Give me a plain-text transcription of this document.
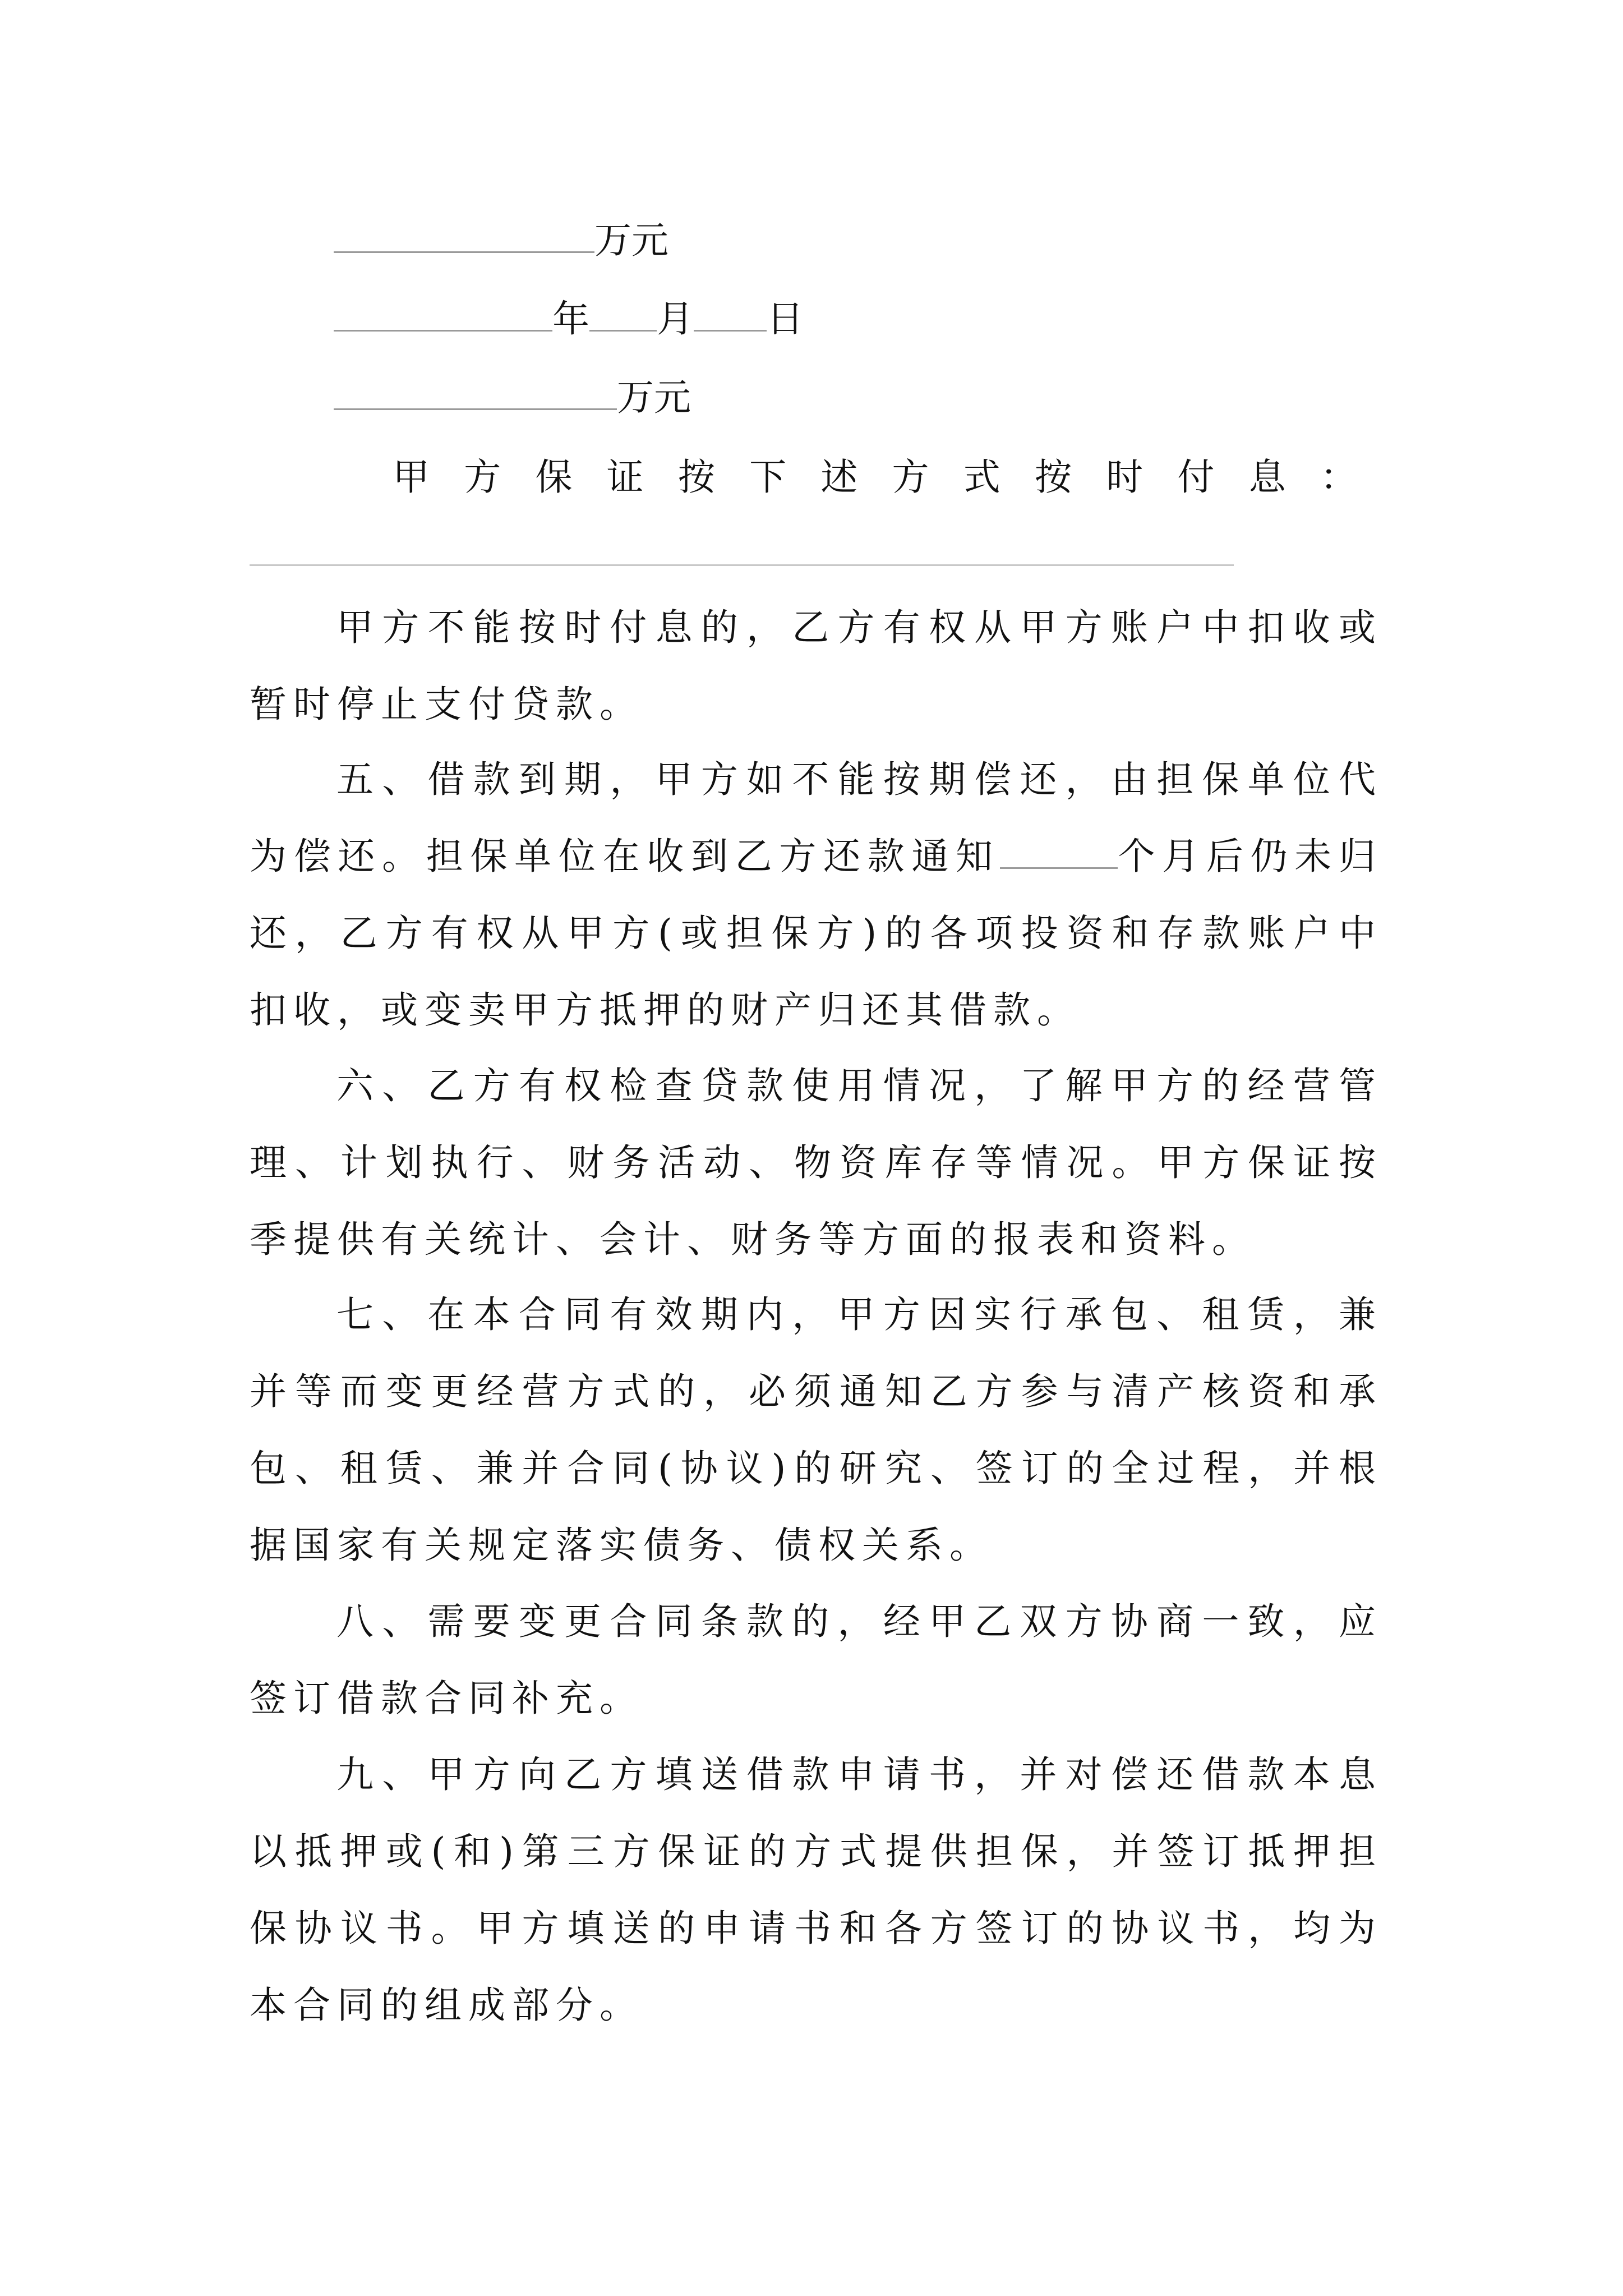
万元
年 月 日
万元
甲 方 保 证 按 下 述 方 式 按 时 付 息 ：

甲方不能按时付息的，乙方有权从甲方账户中扣收或暂时停止支付贷款。

五、借款到期，甲方如不能按期偿还，由担保单位代为偿还。担保单位在收到乙方还款通知	个月后仍未归还，乙方有权从甲方(或担保方)的各项投资和存款账户中扣收，或变卖甲方抵押的财产归还其借款。

六、乙方有权检查贷款使用情况，了解甲方的经营管理、计划执行、财务活动、物资库存等情况。甲方保证按季提供有关统计、会计、财务等方面的报表和资料。

七、在本合同有效期内，甲方因实行承包、租赁，兼并等而变更经营方式的，必须通知乙方参与清产核资和承包、租赁、兼并合同(协议)的研究、签订的全过程，并根据国家有关规定落实债务、债权关系。

八、需要变更合同条款的，经甲乙双方协商一致，应签订借款合同补充。

九、甲方向乙方填送借款申请书，并对偿还借款本息以抵押或(和)第三方保证的方式提供担保，并签订抵押担保协议书。甲方填送的申请书和各方签订的协议书，均为本合同的组成部分。
